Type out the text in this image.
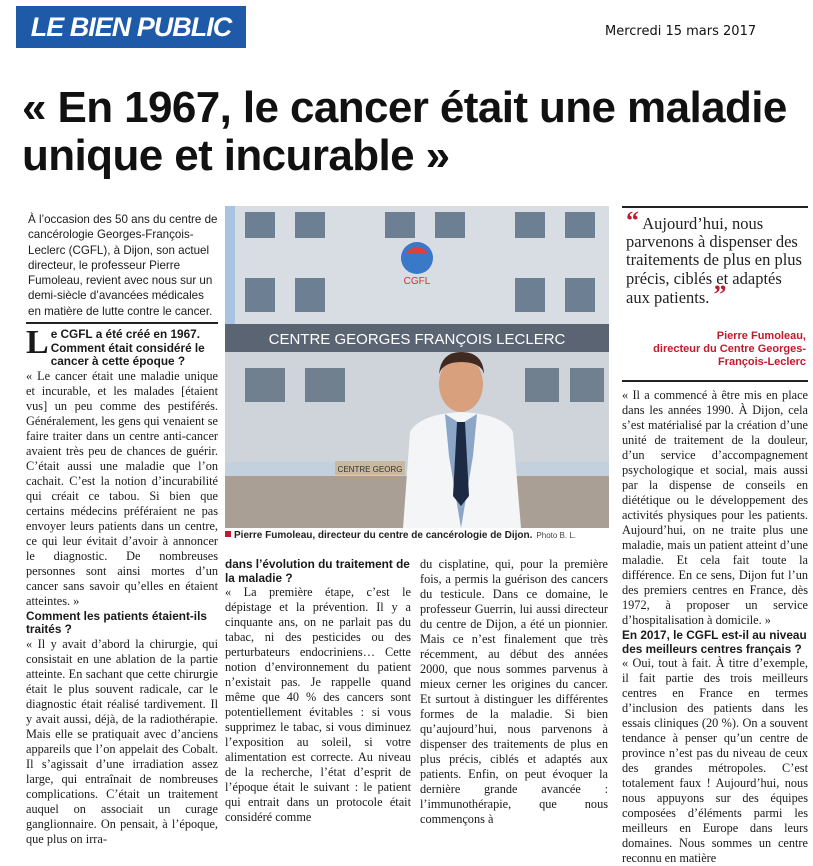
LE BIEN PUBLIC	Mercredi 15 mars 2017
« En 1967, le cancer était une maladie unique et incurable »
À l’occasion des 50 ans du centre de cancérologie Georges-François-Leclerc (CGFL), à Dijon, son actuel directeur, le professeur Pierre Fumoleau, revient avec nous sur un demi-siècle d’avancées médicales en matière de lutte contre le cancer.
Le CGFL a été créé en 1967. Comment était considéré le cancer à cette époque ?

« Le cancer était une maladie unique et incurable, et les malades [étaient vus] un peu comme des pestiférés. Généralement, les gens qui venaient se faire traiter dans un centre anti-cancer avaient très peu de chances de guérir. C’était aussi une maladie que l’on cachait. C’est la notion d’incurabilité qui créait ce tabou. Si bien que certains médecins préféraient ne pas envoyer leurs patients dans un centre, ce qui leur évitait d’avoir à annoncer le diagnostic. De nombreuses personnes sont ainsi mortes d’un cancer sans savoir qu’elles en étaient atteintes. »

Comment les patients étaient-ils traités ?

« Il y avait d’abord la chirurgie, qui consistait en une ablation de la partie atteinte. En sachant que cette chirurgie était le plus souvent radicale, car le diagnostic était réalisé tardivement. Il y avait aussi, déjà, de la radiothérapie. Mais elle se pratiquait avec d’anciens appareils que l’on appelait des Cobalt. Il s’agissait d’une irradiation assez large, qui entraînait de nombreuses complications. C’était un traitement auquel on associait un curage ganglionnaire. On pensait, à l’époque, que plus on irra-

CGFL
CENTRE GEORGES FRANÇOIS LECLERC
CENTRE GEORG
Pierre Fumoleau, directeur du centre de cancérologie de Dijon. Photo B. L.
dans l’évolution du traitement de la maladie ?

« La première étape, c’est le dépistage et la prévention. Il y a cinquante ans, on ne parlait pas du tabac, ni des pesticides ou des perturbateurs endocriniens… Cette notion d’environnement du patient n’existait pas. Je rappelle quand même que 40 % des cancers sont potentiellement évitables : si vous supprimez le tabac, si vous diminuez l’exposition au soleil, si votre alimentation est correcte. Au niveau de la recherche, l’état d’esprit de l’époque était le suivant : le patient qui entrait dans un protocole était considéré comme

du cisplatine, qui, pour la première fois, a permis la guérison des cancers du testicule. Dans ce domaine, le professeur Guerrin, lui aussi directeur du centre de Dijon, a été un pionnier. Mais ce n’est finalement que très récemment, au début des années 2000, que nous sommes parvenus à mieux cerner les origines du cancer. Et surtout à distinguer les différentes formes de la maladie. Si bien qu’aujourd’hui, nous parvenons à dispenser des traitements de plus en plus précis, ciblés et adaptés aux patients. Enfin, on peut évoquer la dernière grande avancée : l’immunothérapie, que nous commençons à

“ Aujourd’hui, nous parvenons à dispenser des traitements de plus en plus précis, ciblés et adaptés aux patients. ”
Pierre Fumoleau,
directeur du Centre Georges-François-Leclerc

« Il a commencé à être mis en place dans les années 1990. À Dijon, cela s’est matérialisé par la création d’une unité de traitement de la douleur, d’un service d’accompagnement psychologique et social, mais aussi par la dispense de conseils en diététique ou le développement des activités physiques pour les patients. Aujourd’hui, on ne traite plus une maladie, mais un patient atteint d’une maladie. Et cela fait toute la différence. En ce sens, Dijon fut l’un des premiers centres en France, dès 1972, à proposer un service d’hospitalisation à domicile. »

En 2017, le CGFL est-il au niveau des meilleurs centres français ?

« Oui, tout à fait. À titre d’exemple, il fait partie des trois meilleurs centres en France en termes d’inclusion des patients dans les essais cliniques (20 %). On a souvent tendance à penser qu’un centre de province n’est pas du niveau de ceux des grandes métropoles. C’est totalement faux ! Aujourd’hui, nous nous appuyons sur des équipes composées d’éléments parmi les meilleurs en Europe dans leurs domaines. Nous sommes un centre reconnu en matière
